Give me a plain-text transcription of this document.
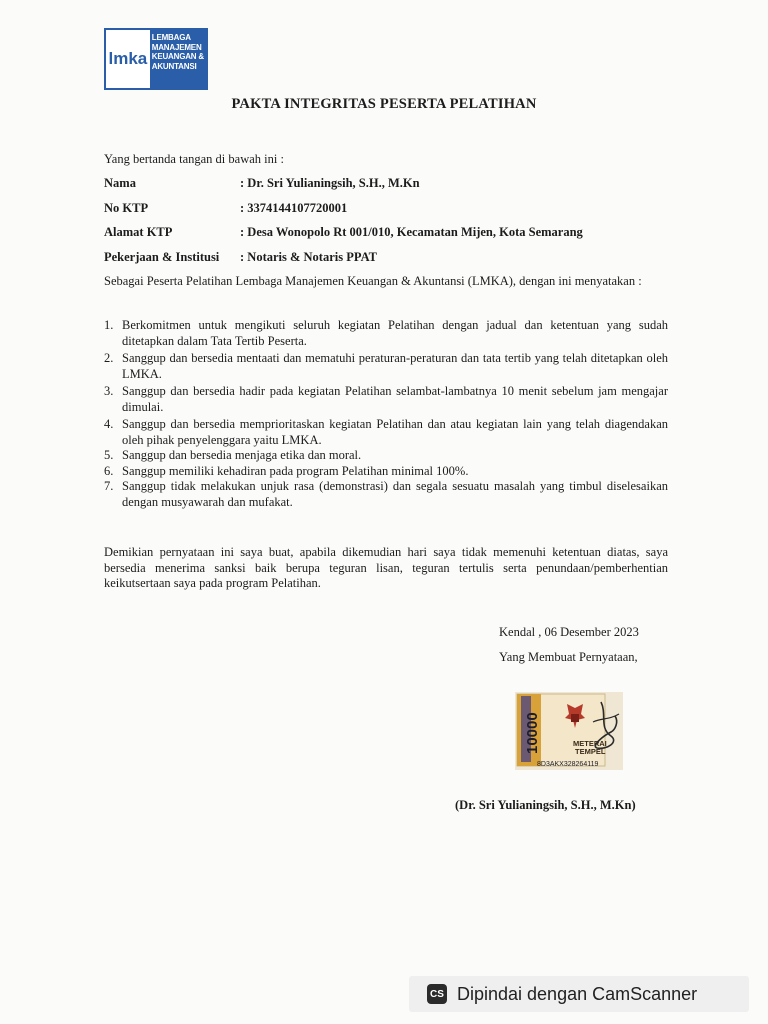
lmka
LEMBAGA
MANAJEMEN
KEUANGAN &
AKUNTANSI
PAKTA INTEGRITAS PESERTA PELATIHAN
Yang bertanda tangan di bawah ini :
Nama	: Dr. Sri Yulianingsih, S.H., M.Kn
No KTP	: 3374144107720001
Alamat KTP	: Desa Wonopolo Rt 001/010, Kecamatan Mijen, Kota Semarang
Pekerjaan & Institusi	: Notaris & Notaris PPAT
Sebagai Peserta Pelatihan Lembaga Manajemen Keuangan & Akuntansi (LMKA), dengan ini menyatakan :
1. Berkomitmen untuk mengikuti seluruh kegiatan Pelatihan dengan jadual dan ketentuan yang sudah ditetapkan dalam Tata Tertib Peserta.
2. Sanggup dan bersedia mentaati dan mematuhi peraturan-peraturan dan tata tertib yang telah ditetapkan oleh LMKA.
3. Sanggup dan bersedia hadir pada kegiatan Pelatihan selambat-lambatnya 10 menit sebelum jam mengajar dimulai.
4. Sanggup dan bersedia memprioritaskan kegiatan Pelatihan dan atau kegiatan lain yang telah diagendakan oleh pihak penyelenggara yaitu LMKA.
5. Sanggup dan bersedia menjaga etika dan moral.
6. Sanggup memiliki kehadiran pada program Pelatihan minimal 100%.
7. Sanggup tidak melakukan unjuk rasa (demonstrasi) dan segala sesuatu masalah yang timbul diselesaikan dengan musyawarah dan mufakat.
Demikian pernyataan ini saya buat, apabila dikemudian hari saya tidak memenuhi ketentuan diatas, saya bersedia menerima sanksi baik berupa teguran lisan, teguran tertulis serta penundaan/pemberhentian keikutsertaan saya pada program Pelatihan.
Kendal , 06 Desember 2023
Yang Membuat Pernyataan,
10000	METERAI
TEMPEL
8D3AKX328264119
(Dr. Sri Yulianingsih, S.H., M.Kn)
CS Dipindai dengan CamScanner
